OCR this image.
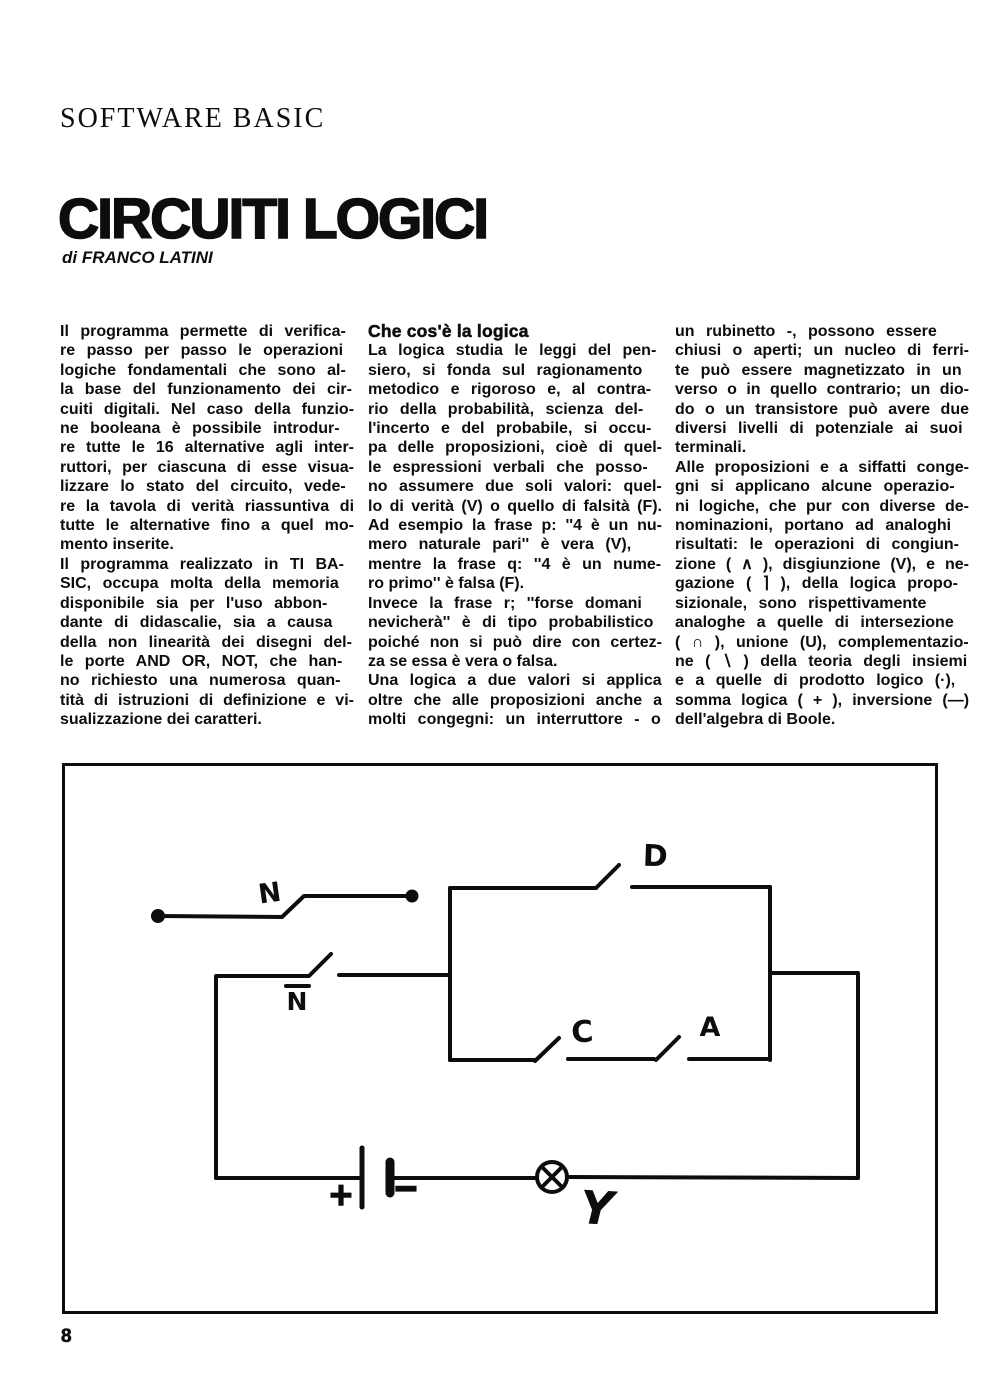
SOFTWARE BASIC
CIRCUITI LOGICI
di FRANCO LATINI
Il programma permette di verifica-
re passo per passo le operazioni
logiche fondamentali che sono al-
la base del funzionamento dei cir-
cuiti digitali. Nel caso della funzio-
ne booleana è possibile introdur-
re tutte le 16 alternative agli inter-
ruttori, per ciascuna di esse visua-
lizzare lo stato del circuito, vede-
re la tavola di verità riassuntiva di
tutte le alternative fino a quel mo-
mento inserite.
Il programma realizzato in TI BA-
SIC, occupa molta della memoria
disponibile sia per l'uso abbon-
dante di didascalie, sia a causa
della non linearità dei disegni del-
le porte AND OR, NOT, che han-
no richiesto una numerosa quan-
tità di istruzioni di definizione e vi-
sualizzazione dei caratteri.
Che cos'è la logica
La logica studia le leggi del pen-
siero, si fonda sul ragionamento
metodico e rigoroso e, al contra-
rio della probabilità, scienza del-
l'incerto e del probabile, si occu-
pa delle proposizioni, cioè di quel-
le espressioni verbali che posso-
no assumere due soli valori: quel-
lo di verità (V) o quello di falsità (F).
Ad esempio la frase p: ''4 è un nu-
mero naturale pari'' è vera (V),
mentre la frase q: ''4 è un nume-
ro primo'' è falsa (F).
Invece la frase r; ''forse domani
nevicherà'' è di tipo probabilistico
poiché non si può dire con certez-
za se essa è vera o falsa.
Una logica a due valori si applica
oltre che alle proposizioni anche a
molti congegni: un interruttore - o
un rubinetto -, possono essere
chiusi o aperti; un nucleo di ferri-
te può essere magnetizzato in un
verso o in quello contrario; un dio-
do o un transistore può avere due
diversi livelli di potenziale ai suoi
terminali.
Alle proposizioni e a siffatti conge-
gni si applicano alcune operazio-
ni logiche, che pur con diverse de-
nominazioni, portano ad analoghi
risultati: le operazioni di congiun-
zione ( ∧ ), disgiunzione (V), e ne-
gazione ( ⌉ ), della logica propo-
sizionale, sono rispettivamente
analoghe a quelle di intersezione
( ∩ ), unione (U), complementazio-
ne ( ∖ ) della teoria degli insiemi
e a quelle di prodotto logico (·),
somma logica ( + ), inversione (—)
dell'algebra di Boole.
N
N
D
C	A
+ −	Y
8
